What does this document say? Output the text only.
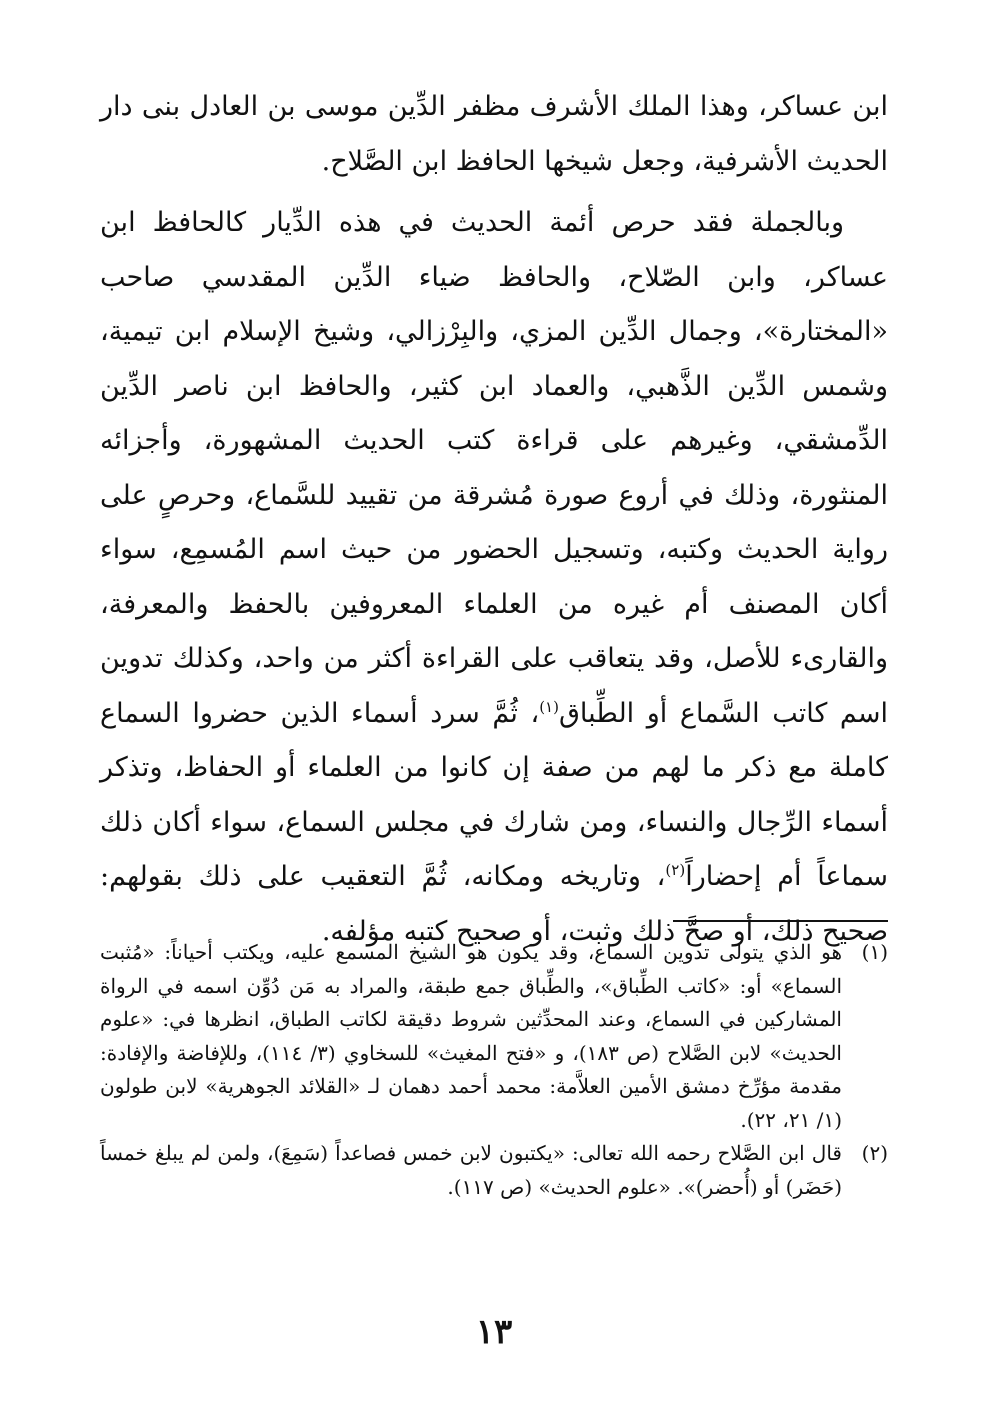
ابن عساكر، وهذا الملك الأشرف مظفر الدِّين موسى بن العادل بنى دار الحديث الأشرفية، وجعل شيخها الحافظ ابن الصَّلاح.

وبالجملة فقد حرص أئمة الحديث في هذه الدِّيار كالحافظ ابن عساكر، وابن الصّلاح، والحافظ ضياء الدِّين المقدسي صاحب «المختارة»، وجمال الدِّين المزي، والبِرْزالي، وشيخ الإسلام ابن تيمية، وشمس الدِّين الذَّهبي، والعماد ابن كثير، والحافظ ابن ناصر الدِّين الدِّمشقي، وغيرهم على قراءة كتب الحديث المشهورة، وأجزائه المنثورة، وذلك في أروع صورة مُشرقة من تقييد للسَّماع، وحرصٍ على رواية الحديث وكتبه، وتسجيل الحضور من حيث اسم المُسمِع، سواء أكان المصنف أم غيره من العلماء المعروفين بالحفظ والمعرفة، والقارىء للأصل، وقد يتعاقب على القراءة أكثر من واحد، وكذلك تدوين اسم كاتب السَّماع أو الطِّباق$^{(١)}$، ثُمَّ سرد أسماء الذين حضروا السماع كاملة مع ذكر ما لهم من صفة إن كانوا من العلماء أو الحفاظ، وتذكر أسماء الرِّجال والنساء، ومن شارك في مجلس السماع، سواء أكان ذلك سماعاً أم إحضاراً$^{(٢)}$، وتاريخه ومكانه، ثُمَّ التعقيب على ذلك بقولهم: صحيح ذلك، أو صحَّ ذلك وثبت، أو صحيح كتبه مؤلفه.

(١)
هو الذي يتولى تدوين السماع، وقد يكون هو الشيخ المسمع عليه، ويكتب أحياناً: «مُثبت السماع» أو: «كاتب الطِّباق»، والطِّباق جمع طبقة، والمراد به مَن دُوِّن اسمه في الرواة المشاركين في السماع، وعند المحدِّثين شروط دقيقة لكاتب الطباق، انظرها في: «علوم الحديث» لابن الصَّلاح (ص ١٨٣)، و «فتح المغيث» للسخاوي (٣/ ١١٤)، وللإفاضة والإفادة: مقدمة مؤرِّخ دمشق الأمين العلاَّمة: محمد أحمد دهمان لـ «القلائد الجوهرية» لابن طولون (١/ ٢١، ٢٢).
(٢)
قال ابن الصَّلاح رحمه الله تعالى: «يكتبون لابن خمس فصاعداً (سَمِعَ)، ولمن لم يبلغ خمساً (حَضَر) أو (أُحضر)». «علوم الحديث» (ص ١١٧).
١٣
